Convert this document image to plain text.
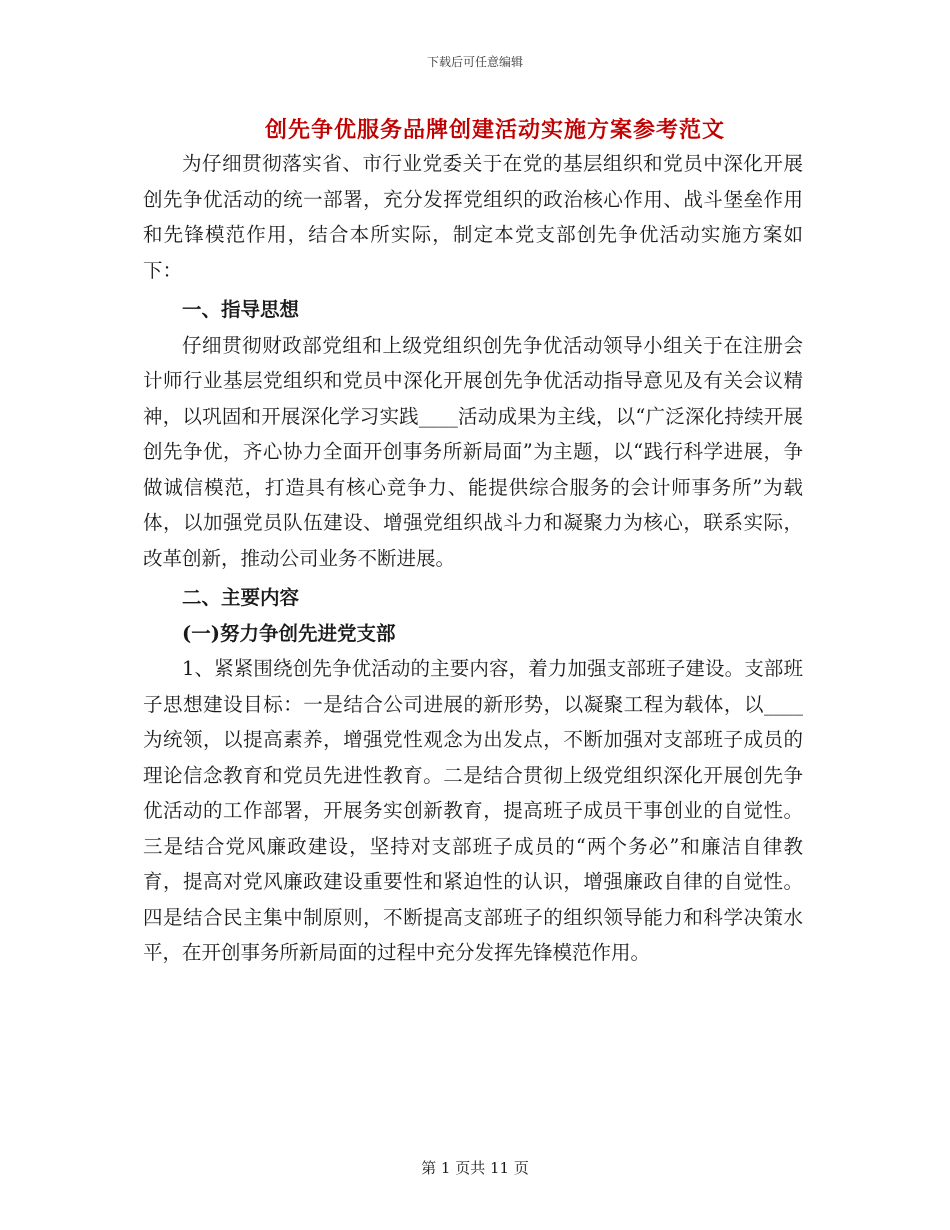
下载后可任意编辑
创先争优服务品牌创建活动实施方案参考范文

为仔细贯彻落实省、市行业党委关于在党的基层组织和党员中深化开展创先争优活动的统一部署，充分发挥党组织的政治核心作用、战斗堡垒作用和先锋模范作用，结合本所实际，制定本党支部创先争优活动实施方案如下：

一、指导思想

仔细贯彻财政部党组和上级党组织创先争优活动领导小组关于在注册会计师行业基层党组织和党员中深化开展创先争优活动指导意见及有关会议精神，以巩固和开展深化学习实践____活动成果为主线，以“广泛深化持续开展创先争优，齐心协力全面开创事务所新局面”为主题，以“践行科学进展，争做诚信模范，打造具有核心竞争力、能提供综合服务的会计师事务所”为载体，以加强党员队伍建设、增强党组织战斗力和凝聚力为核心，联系实际，改革创新，推动公司业务不断进展。

二、主要内容
(一)努力争创先进党支部

1、紧紧围绕创先争优活动的主要内容，着力加强支部班子建设。支部班子思想建设目标：一是结合公司进展的新形势，以凝聚工程为载体，以____为统领，以提高素养，增强党性观念为出发点，不断加强对支部班子成员的理论信念教育和党员先进性教育。二是结合贯彻上级党组织深化开展创先争优活动的工作部署，开展务实创新教育，提高班子成员干事创业的自觉性。三是结合党风廉政建设，坚持对支部班子成员的“两个务必”和廉洁自律教育，提高对党风廉政建设重要性和紧迫性的认识，增强廉政自律的自觉性。四是结合民主集中制原则，不断提高支部班子的组织领导能力和科学决策水平，在开创事务所新局面的过程中充分发挥先锋模范作用。

第 1 页共 11 页
